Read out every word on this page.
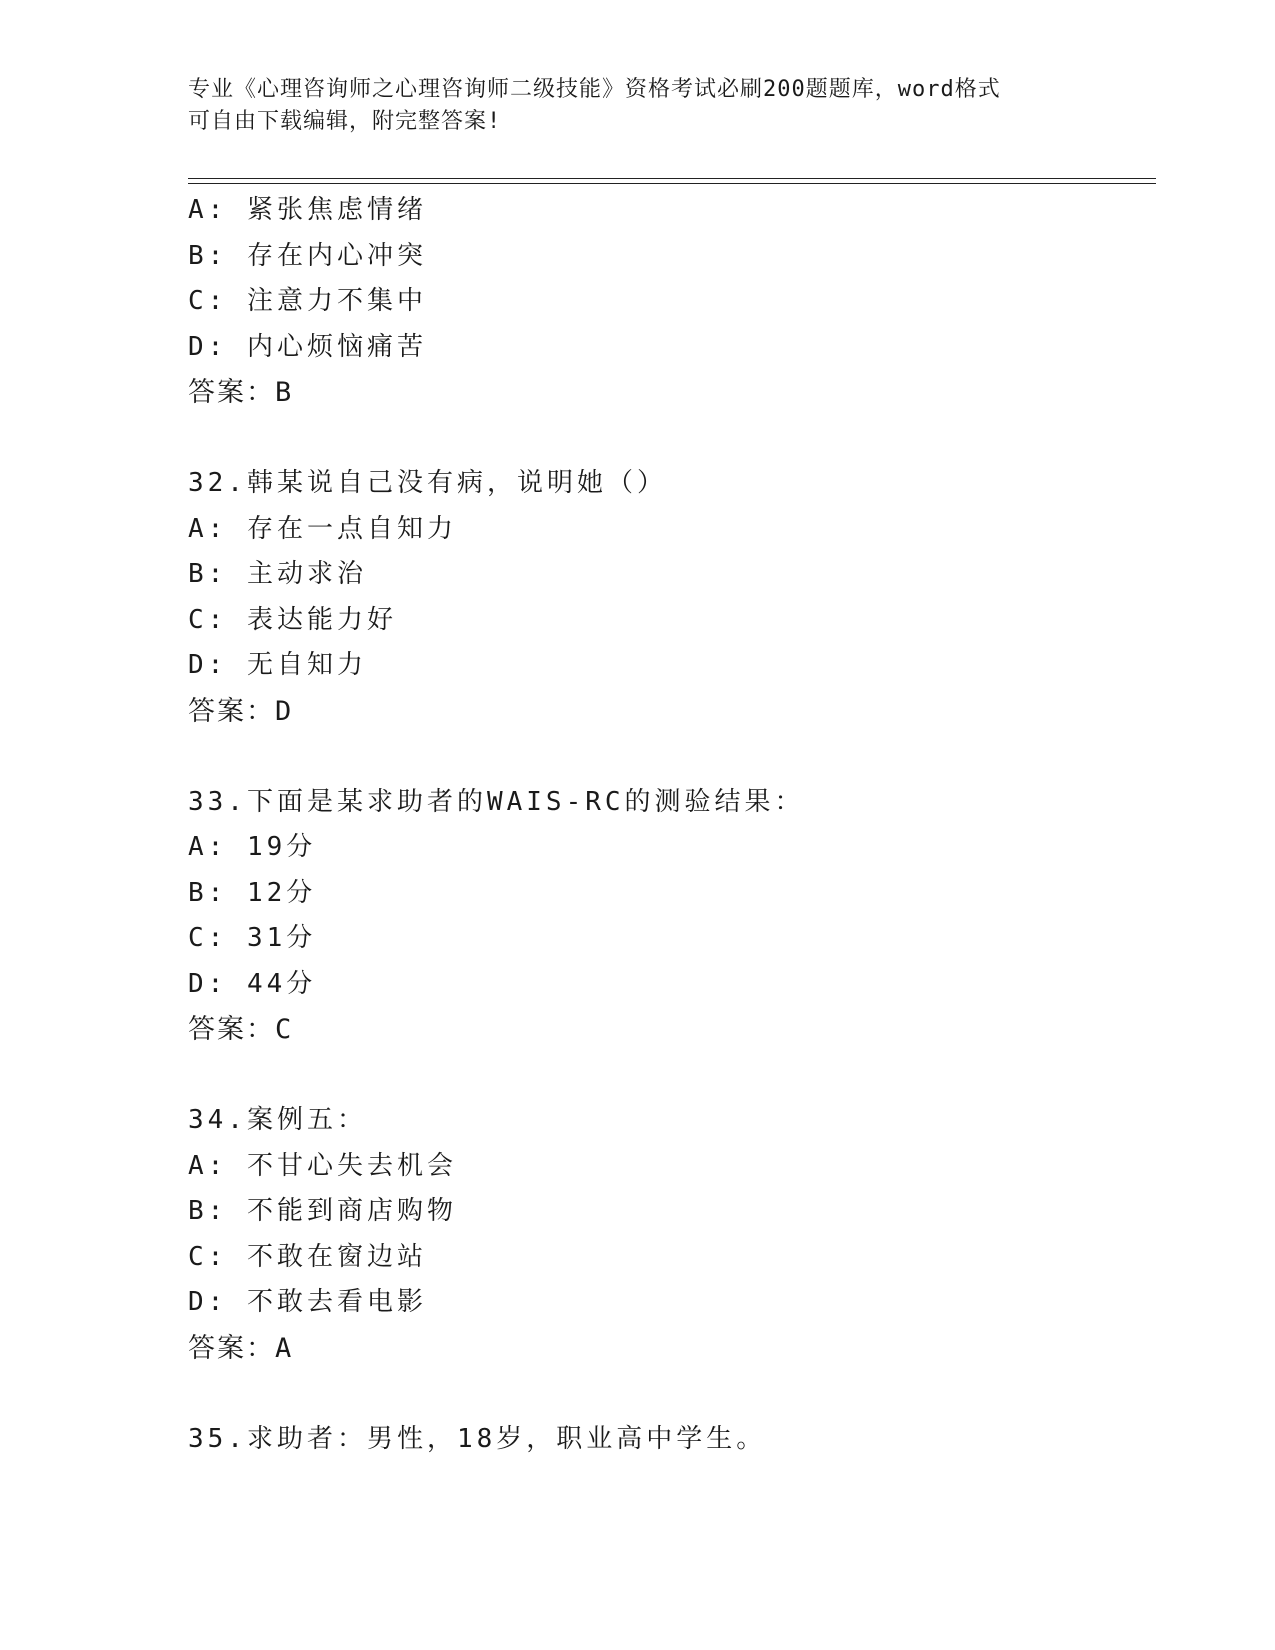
专业《心理咨询师之心理咨询师二级技能》资格考试必刷200题题库，word格式
可自由下载编辑，附完整答案!
A: 紧张焦虑情绪
B: 存在内心冲突
C: 注意力不集中
D: 内心烦恼痛苦
答案：B
32.韩某说自己没有病，说明她（）
A: 存在一点自知力
B: 主动求治
C: 表达能力好
D: 无自知力
答案：D
33.下面是某求助者的WAIS-RC的测验结果：
A: 19分
B: 12分
C: 31分
D: 44分
答案：C
34.案例五：
A: 不甘心失去机会
B: 不能到商店购物
C: 不敢在窗边站
D: 不敢去看电影
答案：A
35.求助者：男性，18岁，职业高中学生。
